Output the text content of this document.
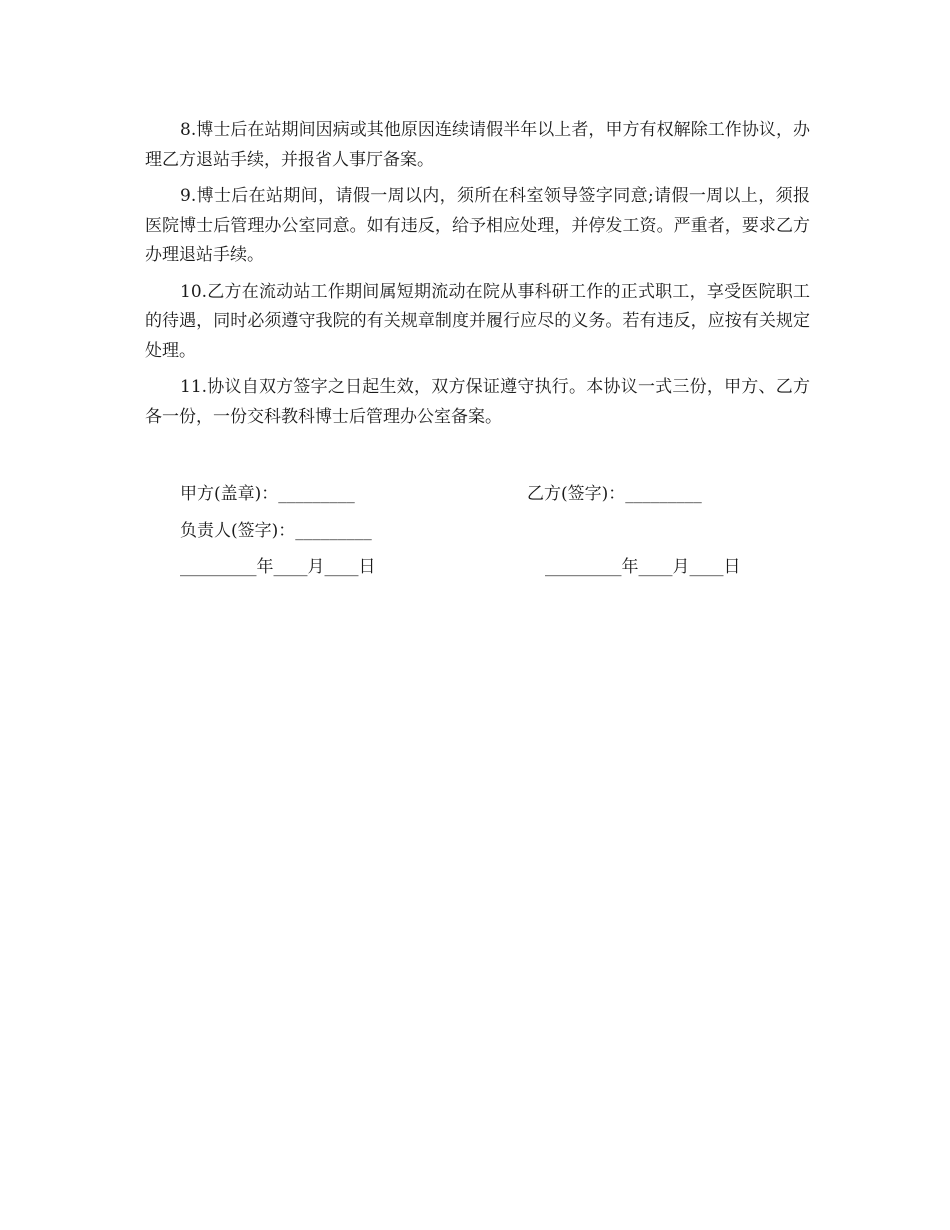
8.博士后在站期间因病或其他原因连续请假半年以上者，甲方有权解除工作协议，办理乙方退站手续，并报省人事厅备案。

9.博士后在站期间，请假一周以内，须所在科室领导签字同意;请假一周以上，须报医院博士后管理办公室同意。如有违反，给予相应处理，并停发工资。严重者，要求乙方办理退站手续。

10.乙方在流动站工作期间属短期流动在院从事科研工作的正式职工，享受医院职工的待遇，同时必须遵守我院的有关规章制度并履行应尽的义务。若有违反，应按有关规定处理。

11.协议自双方签字之日起生效，双方保证遵守执行。本协议一式三份，甲方、乙方各一份，一份交科教科博士后管理办公室备案。

甲方(盖章)：_________	乙方(签字)：_________
负责人(签字)：_________
_________年____月____日	_________年____月____日
